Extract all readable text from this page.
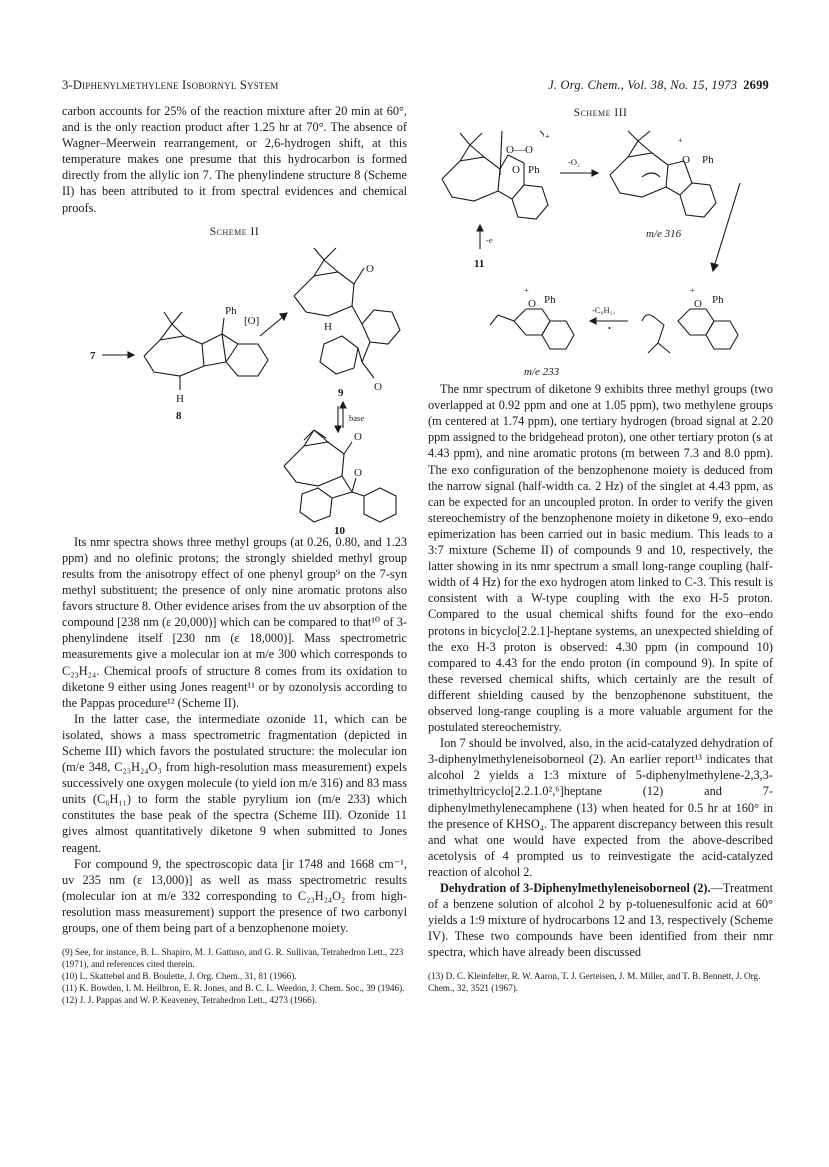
3-Diphenylmethylene Isobornyl System	J. Org. Chem., Vol. 38, No. 15, 1973 2699

carbon accounts for 25% of the reaction mixture after 20 min at 60°, and is the only reaction product after 1.25 hr at 70°. The absence of Wagner–Meerwein rearrangement, or 2,6-hydrogen shift, at this temperature makes one presume that this hydrocarbon is formed directly from the allylic ion 7. The phenylindene structure 8 (Scheme II) has been attributed to it from spectral evidences and chemical proofs.

Scheme II
7
Ph
H
8
[O]
O
H
O
9
base
O
O
10

Its nmr spectra shows three methyl groups (at 0.26, 0.80, and 1.23 ppm) and no olefinic protons; the strongly shielded methyl group results from the anisotropy effect of one phenyl group⁹ on the 7-syn methyl substituent; the presence of only nine aromatic protons also favors structure 8. Other evidence arises from the uv absorption of the compound [238 nm (ε 20,000)] which can be compared to that¹⁰ of 3-phenylindene itself [230 nm (ε 18,000)]. Mass spectrometric measurements give a molecular ion at m/e 300 which corresponds to C₂₃H₂₄. Chemical proofs of structure 8 comes from its oxidation to diketone 9 either using Jones reagent¹¹ or by ozonolysis according to the Pappas procedure¹² (Scheme II).

In the latter case, the intermediate ozonide 11, which can be isolated, shows a mass spectrometric fragmentation (depicted in Scheme III) which favors the postulated structure: the molecular ion (m/e 348, C₂₃H₂₄O₃ from high-resolution mass measurement) expels successively one oxygen molecule (to yield ion m/e 316) and 83 mass units (C₆H₁₁) to form the stable pyrylium ion (m/e 233) which constitutes the base peak of the spectra (Scheme III). Ozonide 11 gives almost quantitatively diketone 9 when submitted to Jones reagent.

For compound 9, the spectroscopic data [ir 1748 and 1668 cm⁻¹, uv 235 nm (ε 13,000)] as well as mass spectrometric results (molecular ion at m/e 332 corresponding to C₂₃H₂₄O₂ from high-resolution mass measurement) support the presence of two carbonyl groups, one of them being part of a benzophenone moiety.

(9) See, for instance, B. L. Shapiro, M. J. Gattuso, and G. R. Sullivan, Tetrahedron Lett., 223 (1971), and references cited therein.

(10) L. Skattebøl and B. Boulette, J. Org. Chem., 31, 81 (1966).

(11) K. Bowden, I. M. Heilbron, E. R. Jones, and B. C. L. Weedon, J. Chem. Soc., 39 (1946).

(12) J. J. Pappas and W. P. Keaveney, Tetrahedron Lett., 4273 (1966).

Scheme III
O—O
·+
O Ph
-O₂
+
O Ph
m/e 316
-e
11
+
O Ph
-C₆H₁₁
•
+
O Ph
m/e 233

The nmr spectrum of diketone 9 exhibits three methyl groups (two overlapped at 0.92 ppm and one at 1.05 ppm), two methylene groups (m centered at 1.74 ppm), one tertiary hydrogen (broad signal at 2.20 ppm assigned to the bridgehead proton), one other tertiary proton (s at 4.43 ppm), and nine aromatic protons (m between 7.3 and 8.0 ppm). The exo configuration of the benzophenone moiety is deduced from the narrow signal (half-width ca. 2 Hz) of the singlet at 4.43 ppm, as can be expected for an uncoupled proton. In order to verify the given stereochemistry of the benzophenone moiety in diketone 9, exo–endo epimerization has been carried out in basic medium. This leads to a 3:7 mixture (Scheme II) of compounds 9 and 10, respectively, the latter showing in its nmr spectrum a small long-range coupling (half-width of 4 Hz) for the exo hydrogen atom linked to C-3. This result is consistent with a W-type coupling with the exo H-5 proton. Compared to the usual chemical shifts found for the exo–endo protons in bicyclo[2.2.1]-heptane systems, an unexpected shielding of the exo H-3 proton is observed: 4.30 ppm (in compound 10) compared to 4.43 for the endo proton (in compound 9). In spite of these reversed chemical shifts, which certainly are the result of different shielding caused by the benzophenone substituent, the observed long-range coupling is a more valuable argument for the postulated stereochemistry.

Ion 7 should be involved, also, in the acid-catalyzed dehydration of 3-diphenylmethyleneisoborneol (2). An earlier report¹³ indicates that alcohol 2 yields a 1:3 mixture of 5-diphenylmethylene-2,3,3-trimethyltricyclo[2.2.1.0²,⁶]heptane (12) and 7-diphenylmethylenecamphene (13) when heated for 0.5 hr at 160° in the presence of KHSO₄. The apparent discrepancy between this result and what one would have expected from the above-described acetolysis of 4 prompted us to reinvestigate the acid-catalyzed reaction of alcohol 2.

Dehydration of 3-Diphenylmethyleneisoborneol (2).—Treatment of a benzene solution of alcohol 2 by p-toluenesulfonic acid at 60° yields a 1:9 mixture of hydrocarbons 12 and 13, respectively (Scheme IV). These two compounds have been identified from their nmr spectra, which have already been discussed

(13) D. C. Kleinfelter, R. W. Aaron, T. J. Gerteisen, J. M. Miller, and T. B. Bennett, J. Org. Chem., 32, 3521 (1967).
